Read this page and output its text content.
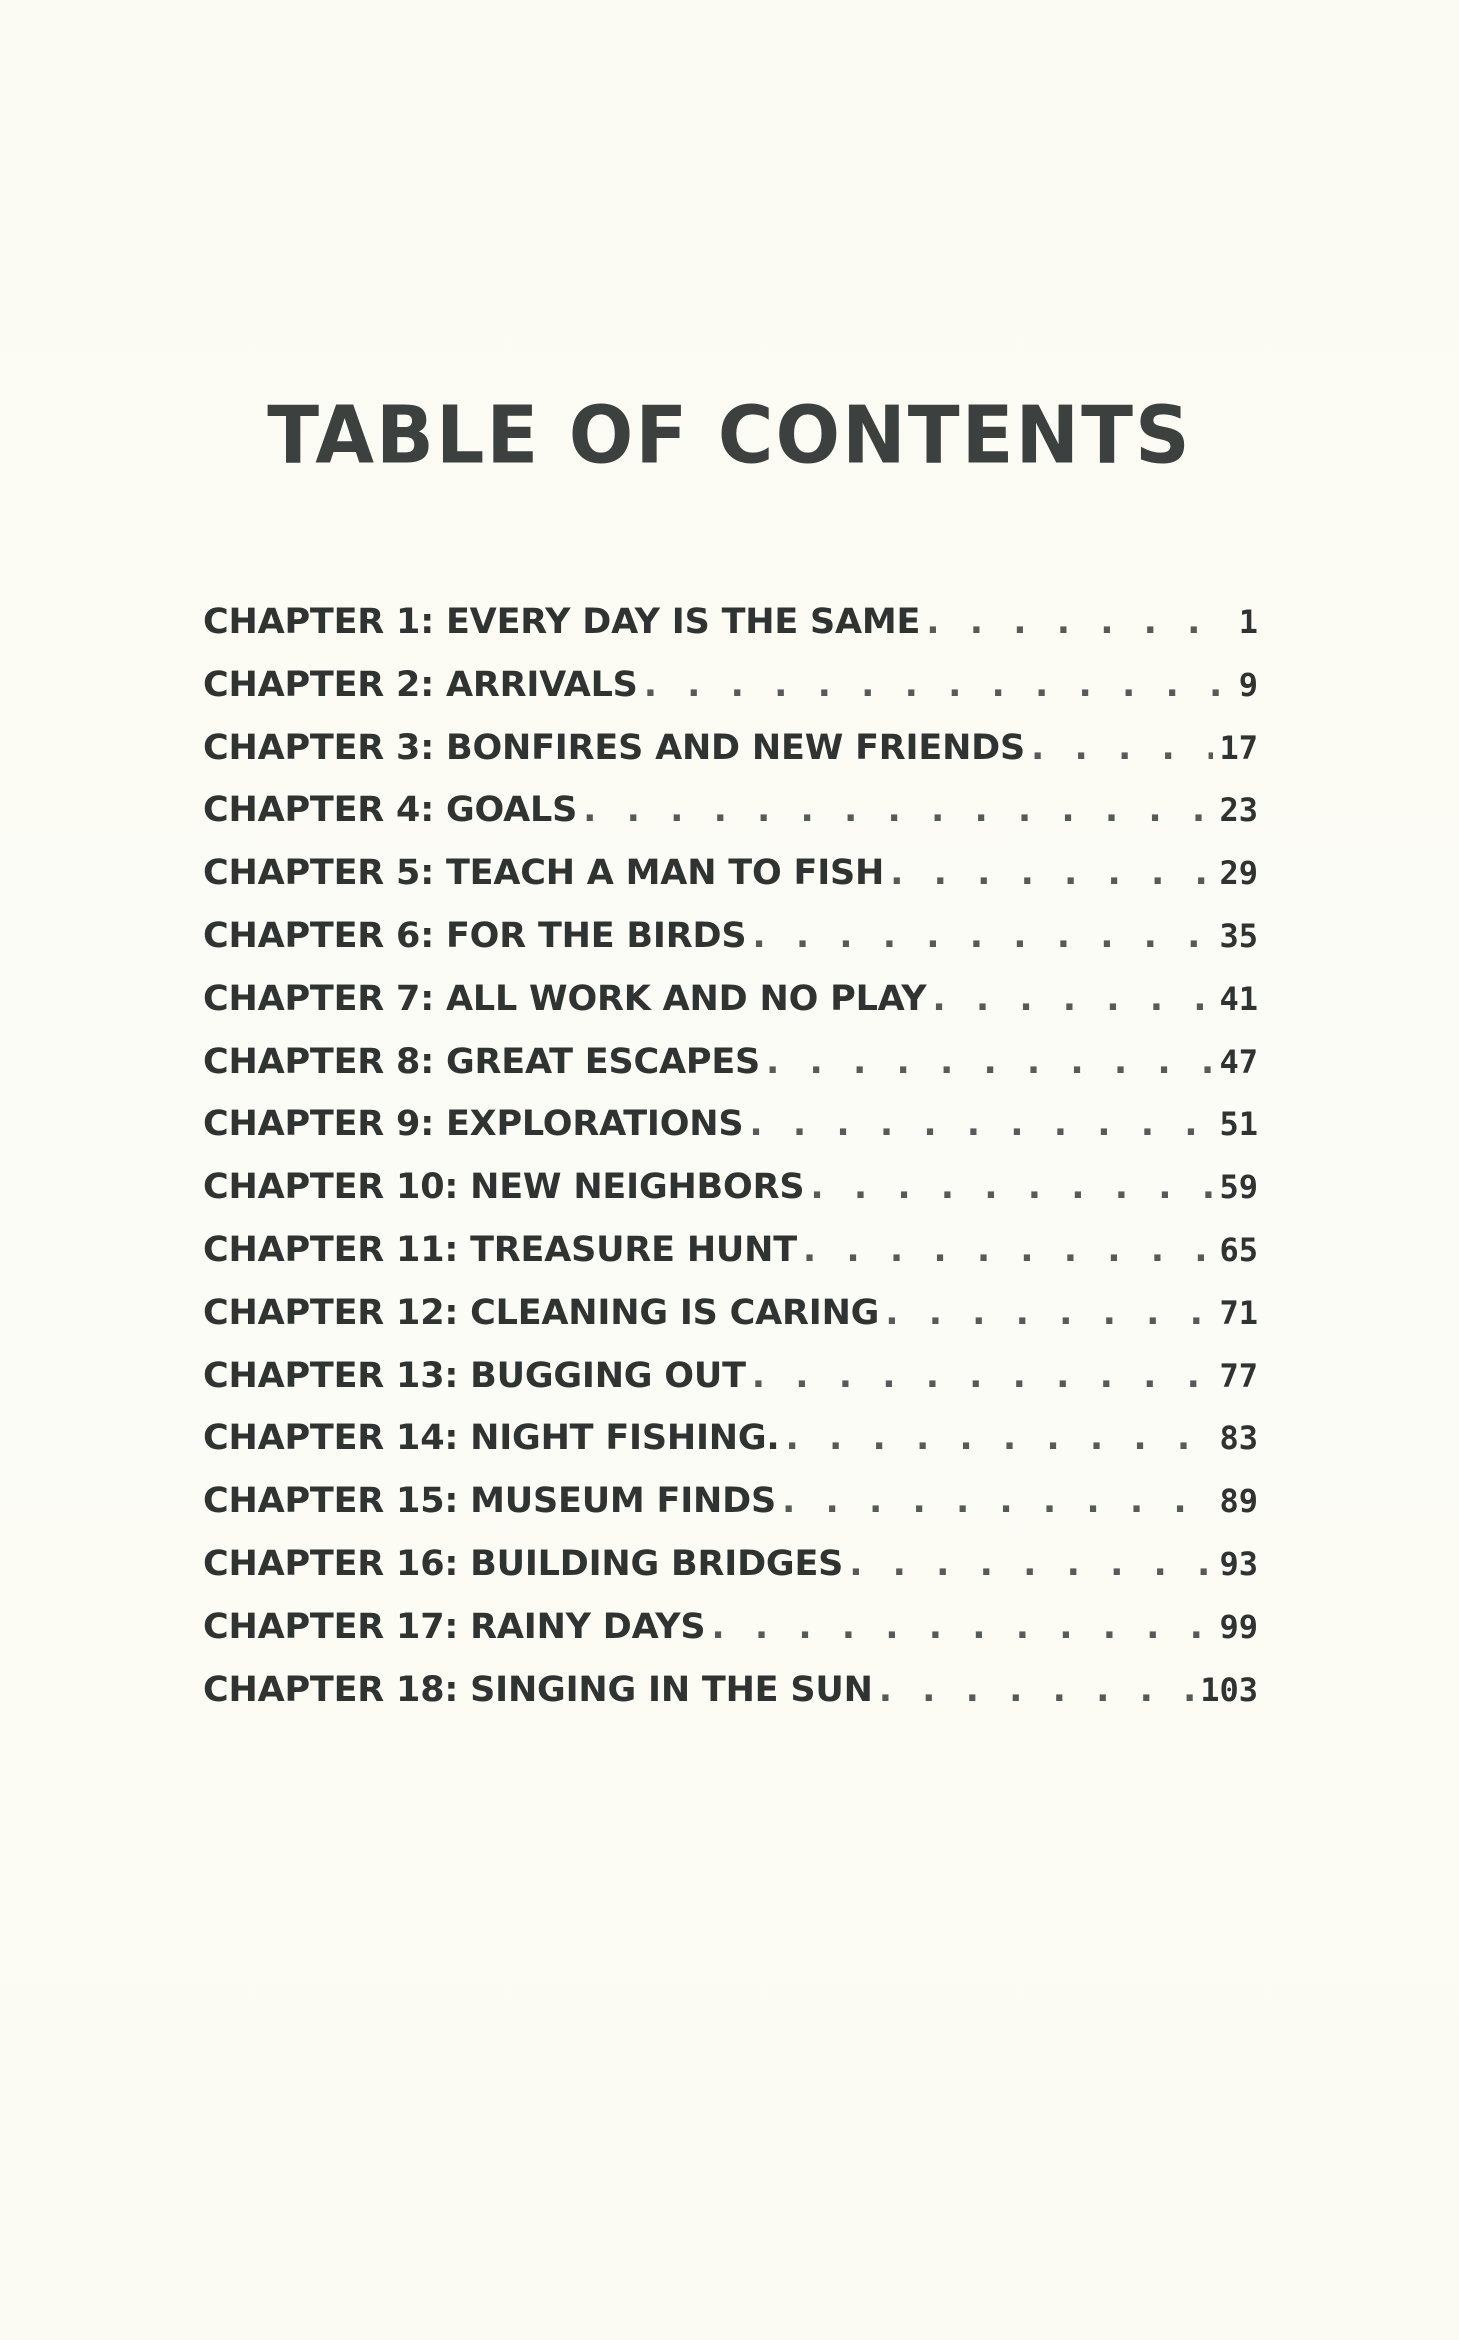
TABLE OF CONTENTS
CHAPTER 1: EVERY DAY IS THE SAME . . .	1
CHAPTER 2: ARRIVALS . . .	9
CHAPTER 3: BONFIRES AND NEW FRIENDS . . .	17
CHAPTER 4: GOALS . . .	23
CHAPTER 5: TEACH A MAN TO FISH . . .	29
CHAPTER 6: FOR THE BIRDS . . .	35
CHAPTER 7: ALL WORK AND NO PLAY . . .	41
CHAPTER 8: GREAT ESCAPES . . .	47
CHAPTER 9: EXPLORATIONS . . .	51
CHAPTER 10: NEW NEIGHBORS . . .	59
CHAPTER 11: TREASURE HUNT . . .	65
CHAPTER 12: CLEANING IS CARING . . .	71
CHAPTER 13: BUGGING OUT . . .	77
CHAPTER 14: NIGHT FISHING. . . .	83
CHAPTER 15: MUSEUM FINDS . . .	89
CHAPTER 16: BUILDING BRIDGES . . .	93
CHAPTER 17: RAINY DAYS . . .	99
CHAPTER 18: SINGING IN THE SUN . . .	103
